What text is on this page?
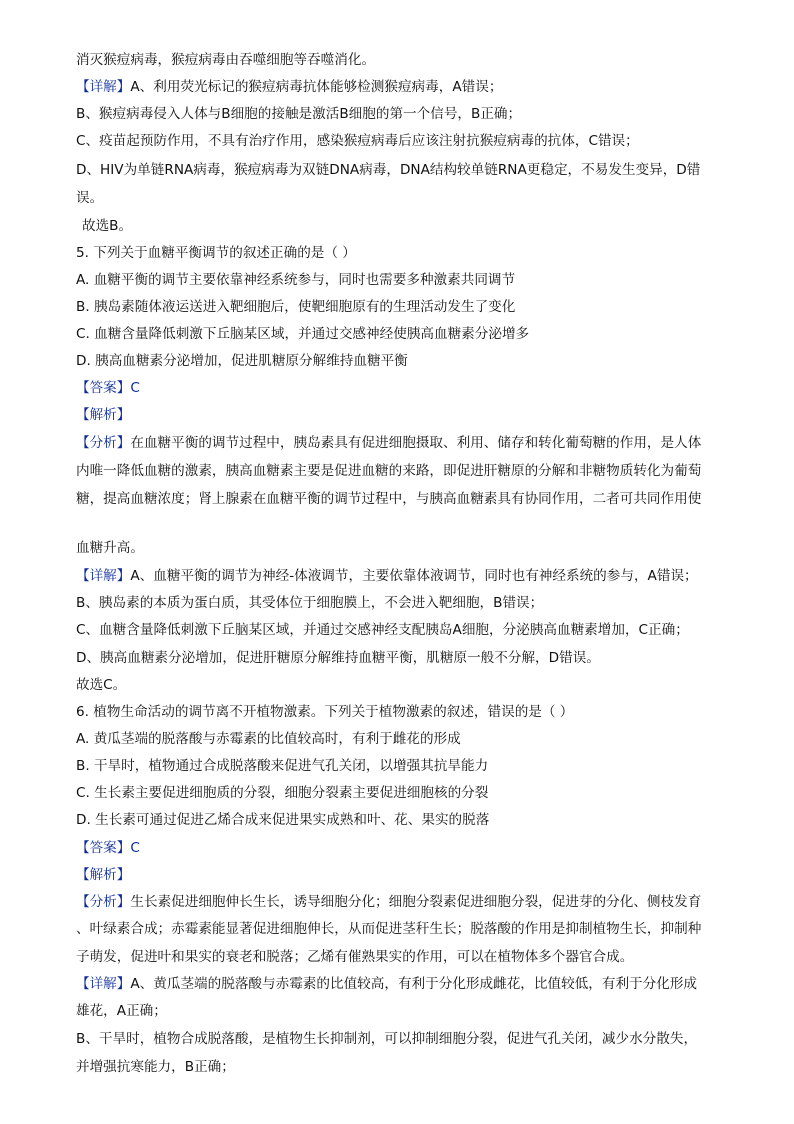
消灭猴痘病毒，猴痘病毒由吞噬细胞等吞噬消化。
【详解】A、利用荧光标记的猴痘病毒抗体能够检测猴痘病毒，A错误；
B、猴痘病毒侵入人体与B细胞的接触是激活B细胞的第一个信号，B正确；
C、疫苗起预防作用，不具有治疗作用，感染猴痘病毒后应该注射抗猴痘病毒的抗体，C错误；
D、HIV为单链RNA病毒，猴痘病毒为双链DNA病毒，DNA结构较单链RNA更稳定，不易发生变异，D错
误。
故选B。
5. 下列关于血糖平衡调节的叙述正确的是（ ）
A. 血糖平衡的调节主要依靠神经系统参与，同时也需要多种激素共同调节
B. 胰岛素随体液运送进入靶细胞后，使靶细胞原有的生理活动发生了变化
C. 血糖含量降低刺激下丘脑某区域，并通过交感神经使胰高血糖素分泌增多
D. 胰高血糖素分泌增加，促进肌糖原分解维持血糖平衡
【答案】C
【解析】
【分析】在血糖平衡的调节过程中，胰岛素具有促进细胞摄取、利用、储存和转化葡萄糖的作用，是人体
内唯一降低血糖的激素，胰高血糖素主要是促进血糖的来路，即促进肝糖原的分解和非糖物质转化为葡萄
糖，提高血糖浓度；肾上腺素在血糖平衡的调节过程中，与胰高血糖素具有协同作用，二者可共同作用使
血糖升高。
【详解】A、血糖平衡的调节为神经-体液调节，主要依靠体液调节，同时也有神经系统的参与，A错误；
B、胰岛素的本质为蛋白质，其受体位于细胞膜上，不会进入靶细胞，B错误；
C、血糖含量降低刺激下丘脑某区域，并通过交感神经支配胰岛A细胞，分泌胰高血糖素增加，C正确；
D、胰高血糖素分泌增加，促进肝糖原分解维持血糖平衡，肌糖原一般不分解，D错误。
故选C。
6. 植物生命活动的调节离不开植物激素。下列关于植物激素的叙述，错误的是（ ）
A. 黄瓜茎端的脱落酸与赤霉素的比值较高时，有利于雌花的形成
B. 干旱时，植物通过合成脱落酸来促进气孔关闭，以增强其抗旱能力
C. 生长素主要促进细胞质的分裂，细胞分裂素主要促进细胞核的分裂
D. 生长素可通过促进乙烯合成来促进果实成熟和叶、花、果实的脱落
【答案】C
【解析】
【分析】生长素促进细胞伸长生长，诱导细胞分化；细胞分裂素促进细胞分裂，促进芽的分化、侧枝发育
、叶绿素合成；赤霉素能显著促进细胞伸长，从而促进茎秆生长；脱落酸的作用是抑制植物生长，抑制种
子萌发，促进叶和果实的衰老和脱落；乙烯有催熟果实的作用，可以在植物体多个器官合成。
【详解】A、黄瓜茎端的脱落酸与赤霉素的比值较高，有利于分化形成雌花，比值较低，有利于分化形成
雄花，A正确；
B、干旱时，植物合成脱落酸，是植物生长抑制剂，可以抑制细胞分裂，促进气孔关闭，减少水分散失，
并增强抗寒能力，B正确；
